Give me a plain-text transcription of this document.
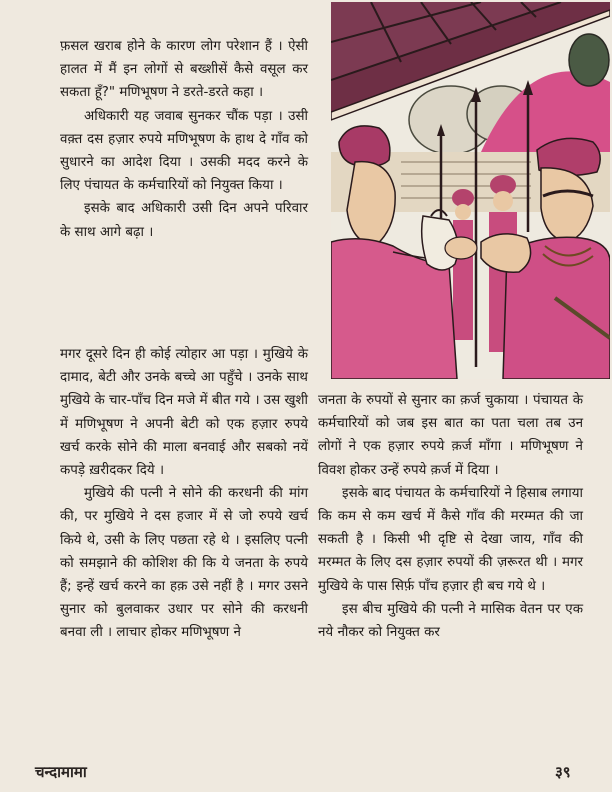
फ़सल खराब होने के कारण लोग परेशान हैं । ऐसी हालत में मैं इन लोगों से बख्शीसें कैसे वसूल कर सकता हूँ?" मणिभूषण ने डरते-डरते कहा ।

अधिकारी यह जवाब सुनकर चौंक पड़ा । उसी वक़्त दस हज़ार रुपये मणिभूषण के हाथ दे गाँव को सुधारने का आदेश दिया । उसकी मदद करने के लिए पंचायत के कर्मचारियों को नियुक्त किया ।

इसके बाद अधिकारी उसी दिन अपने परिवार के साथ आगे बढ़ा ।

मगर दूसरे दिन ही कोई त्योहार आ पड़ा । मुखिये के दामाद, बेटी और उनके बच्चे आ पहुँचे । उनके साथ मुखिये के चार-पाँच दिन मजे में बीत गये । उस खुशी में मणिभूषण ने अपनी बेटी को एक हज़ार रुपये खर्च करके सोने की माला बनवाई और सबको नयें कपड़े ख़रीदकर दिये ।

मुखिये की पत्नी ने सोने की करधनी की मांग की, पर मुखिये ने दस हजार में से जो रुपये खर्च किये थे, उसी के लिए पछता रहे थे । इसलिए पत्नी को समझाने की कोशिश की कि ये जनता के रुपये हैं; इन्हें खर्च करने का हक़ उसे नहीं है । मगर उसने सुनार को बुलवाकर उधार पर सोने की करधनी बनवा ली । लाचार होकर मणिभूषण ने

जनता के रुपयों से सुनार का क़र्ज चुकाया । पंचायत के कर्मचारियों को जब इस बात का पता चला तब उन लोगों ने एक हज़ार रुपये क़र्ज माँगा । मणिभूषण ने विवश होकर उन्हें रुपये क़र्ज में दिया ।

इसके बाद पंचायत के कर्मचारियों ने हिसाब लगाया कि कम से कम खर्च में कैसे गाँव की मरम्मत की जा सकती है । किसी भी दृष्टि से देखा जाय, गाँव की मरम्मत के लिए दस हज़ार रुपयों की ज़रूरत थी । मगर मुखिये के पास सिर्फ़ पाँच हज़ार ही बच गये थे ।

इस बीच मुखिये की पत्नी ने मासिक वेतन पर एक नये नौकर को नियुक्त कर

चन्दामामा	३९
